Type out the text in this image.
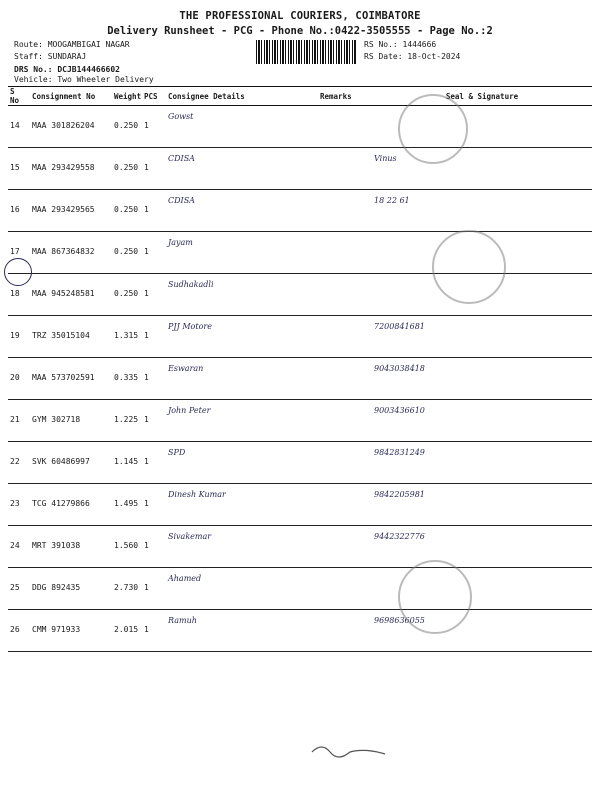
THE PROFESSIONAL COURIERS, COIMBATORE
Delivery Runsheet - PCG - Phone No.:0422-3505555 - Page No.:2
Route: MOOGAMBIGAI NAGAR
Staff: SUNDARAJ
DRS No.: DCJB144466602
Vehicle: Two Wheeler Delivery
RS No.: 1444666
RS Date: 18-Oct-2024
S No	Consignment No	Weight	PCS	Consignee Details	Remarks	Seal & Signature
14	MAA 301826204	0.250	1	Gowst		
15	MAA 293429558	0.250	1	CDISA		Vinus
16	MAA 293429565	0.250	1	CDISA		18 22 61
17	MAA 867364832	0.250	1	Jayam		
18	MAA 945248581	0.250	1	Sudhakadli		
19	TRZ 35015104	1.315	1	PJJ Motore		7200841681
20	MAA 573702591	0.335	1	Eswaran		9043038418
21	GYM 302718	1.225	1	John Peter		9003436610
22	SVK 60486997	1.145	1	SPD		9842831249
23	TCG 41279866	1.495	1	Dinesh Kumar		9842205981
24	MRT 391038	1.560	1	Sivakemar		9442322776
25	DDG 892435	2.730	1	Ahamed		
26	CMM 971933	2.015	1	Ramuh		9698636055
